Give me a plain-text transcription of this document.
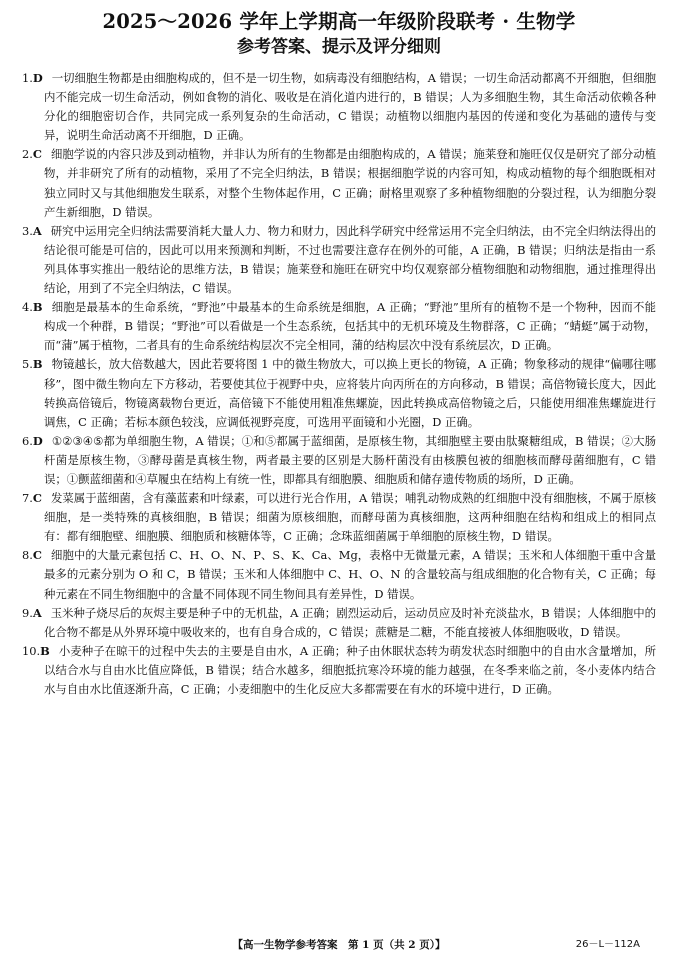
2025～2026 学年上学期高一年级阶段联考 · 生物学
参考答案、提示及评分细则
1.D 一切细胞生物都是由细胞构成的，但不是一切生物，如病毒没有细胞结构，A 错误；一切生命活动都离不开细胞，但细胞内不能完成一切生命活动，例如食物的消化、吸收是在消化道内进行的，B 错误；人为多细胞生物，其生命活动依赖各种分化的细胞密切合作，共同完成一系列复杂的生命活动，C 错误；动植物以细胞内基因的传递和变化为基础的遗传与变异，说明生命活动离不开细胞，D 正确。
2.C 细胞学说的内容只涉及到动植物，并非认为所有的生物都是由细胞构成的，A 错误；施莱登和施旺仅仅是研究了部分动植物，并非研究了所有的动植物，采用了不完全归纳法，B 错误；根据细胞学说的内容可知，构成动植物的每个细胞既相对独立同时又与其他细胞发生联系，对整个生物体起作用，C 正确；耐格里观察了多种植物细胞的分裂过程，认为细胞分裂产生新细胞，D 错误。
3.A 研究中运用完全归纳法需要消耗大量人力、物力和财力，因此科学研究中经常运用不完全归纳法，由不完全归纳法得出的结论很可能是可信的，因此可以用来预测和判断，不过也需要注意存在例外的可能，A 正确，B 错误；归纳法是指由一系列具体事实推出一般结论的思维方法，B 错误；施莱登和施旺在研究中均仅观察部分植物细胞和动物细胞，通过推理得出结论，用到了不完全归纳法，C 错误。
4.B 细胞是最基本的生命系统，“野池”中最基本的生命系统是细胞，A 正确；“野池”里所有的植物不是一个物种，因而不能构成一个种群，B 错误；“野池”可以看做是一个生态系统，包括其中的无机环境及生物群落，C 正确；“蜻蜓”属于动物，而“蒲”属于植物，二者具有的生命系统结构层次不完全相同，蒲的结构层次中没有系统层次，D 正确。
5.B 物镜越长，放大倍数越大，因此若要将图 1 中的微生物放大，可以换上更长的物镜，A 正确；物象移动的规律“偏哪往哪移”，图中微生物向左下方移动，若要使其位于视野中央，应将装片向丙所在的方向移动，B 错误；高倍物镜长度大，因此转换高倍镜后，物镜离载物台更近，高倍镜下不能使用粗准焦螺旋，因此转换成高倍物镜之后，只能使用细准焦螺旋进行调焦，C 正确；若标本颜色较浅，应调低视野亮度，可选用平面镜和小光圈，D 正确。
6.D ①②③④⑤都为单细胞生物，A 错误；①和⑤都属于蓝细菌，是原核生物，其细胞壁主要由肽聚糖组成，B 错误；②大肠杆菌是原核生物，③酵母菌是真核生物，两者最主要的区别是大肠杆菌没有由核膜包被的细胞核而酵母菌细胞有，C 错误；①颤蓝细菌和④草履虫在结构上有统一性，即都具有细胞膜、细胞质和储存遗传物质的场所，D 正确。
7.C 发菜属于蓝细菌，含有藻蓝素和叶绿素，可以进行光合作用，A 错误；哺乳动物成熟的红细胞中没有细胞核，不属于原核细胞，是一类特殊的真核细胞，B 错误；细菌为原核细胞，而酵母菌为真核细胞，这两种细胞在结构和组成上的相同点有：都有细胞壁、细胞膜、细胞质和核糖体等，C 正确；念珠蓝细菌属于单细胞的原核生物，D 错误。
8.C 细胞中的大量元素包括 C、H、O、N、P、S、K、Ca、Mg，表格中无微量元素，A 错误；玉米和人体细胞干重中含量最多的元素分别为 O 和 C，B 错误；玉米和人体细胞中 C、H、O、N 的含量较高与组成细胞的化合物有关，C 正确；每种元素在不同生物细胞中的含量不同体现不同生物间具有差异性，D 错误。
9.A 玉米种子烧尽后的灰烬主要是种子中的无机盐，A 正确；剧烈运动后，运动员应及时补充淡盐水，B 错误；人体细胞中的化合物不都是从外界环境中吸收来的，也有自身合成的，C 错误；蔗糖是二糖，不能直接被人体细胞吸收，D 错误。
10.B 小麦种子在晾干的过程中失去的主要是自由水，A 正确；种子由休眠状态转为萌发状态时细胞中的自由水含量增加，所以结合水与自由水比值应降低，B 错误；结合水越多，细胞抵抗寒冷环境的能力越强，在冬季来临之前，冬小麦体内结合水与自由水比值逐渐升高，C 正确；小麦细胞中的生化反应大多都需要在有水的环境中进行，D 正确。
【高一生物学参考答案　第 1 页（共 2 页）】	26－L－112A
